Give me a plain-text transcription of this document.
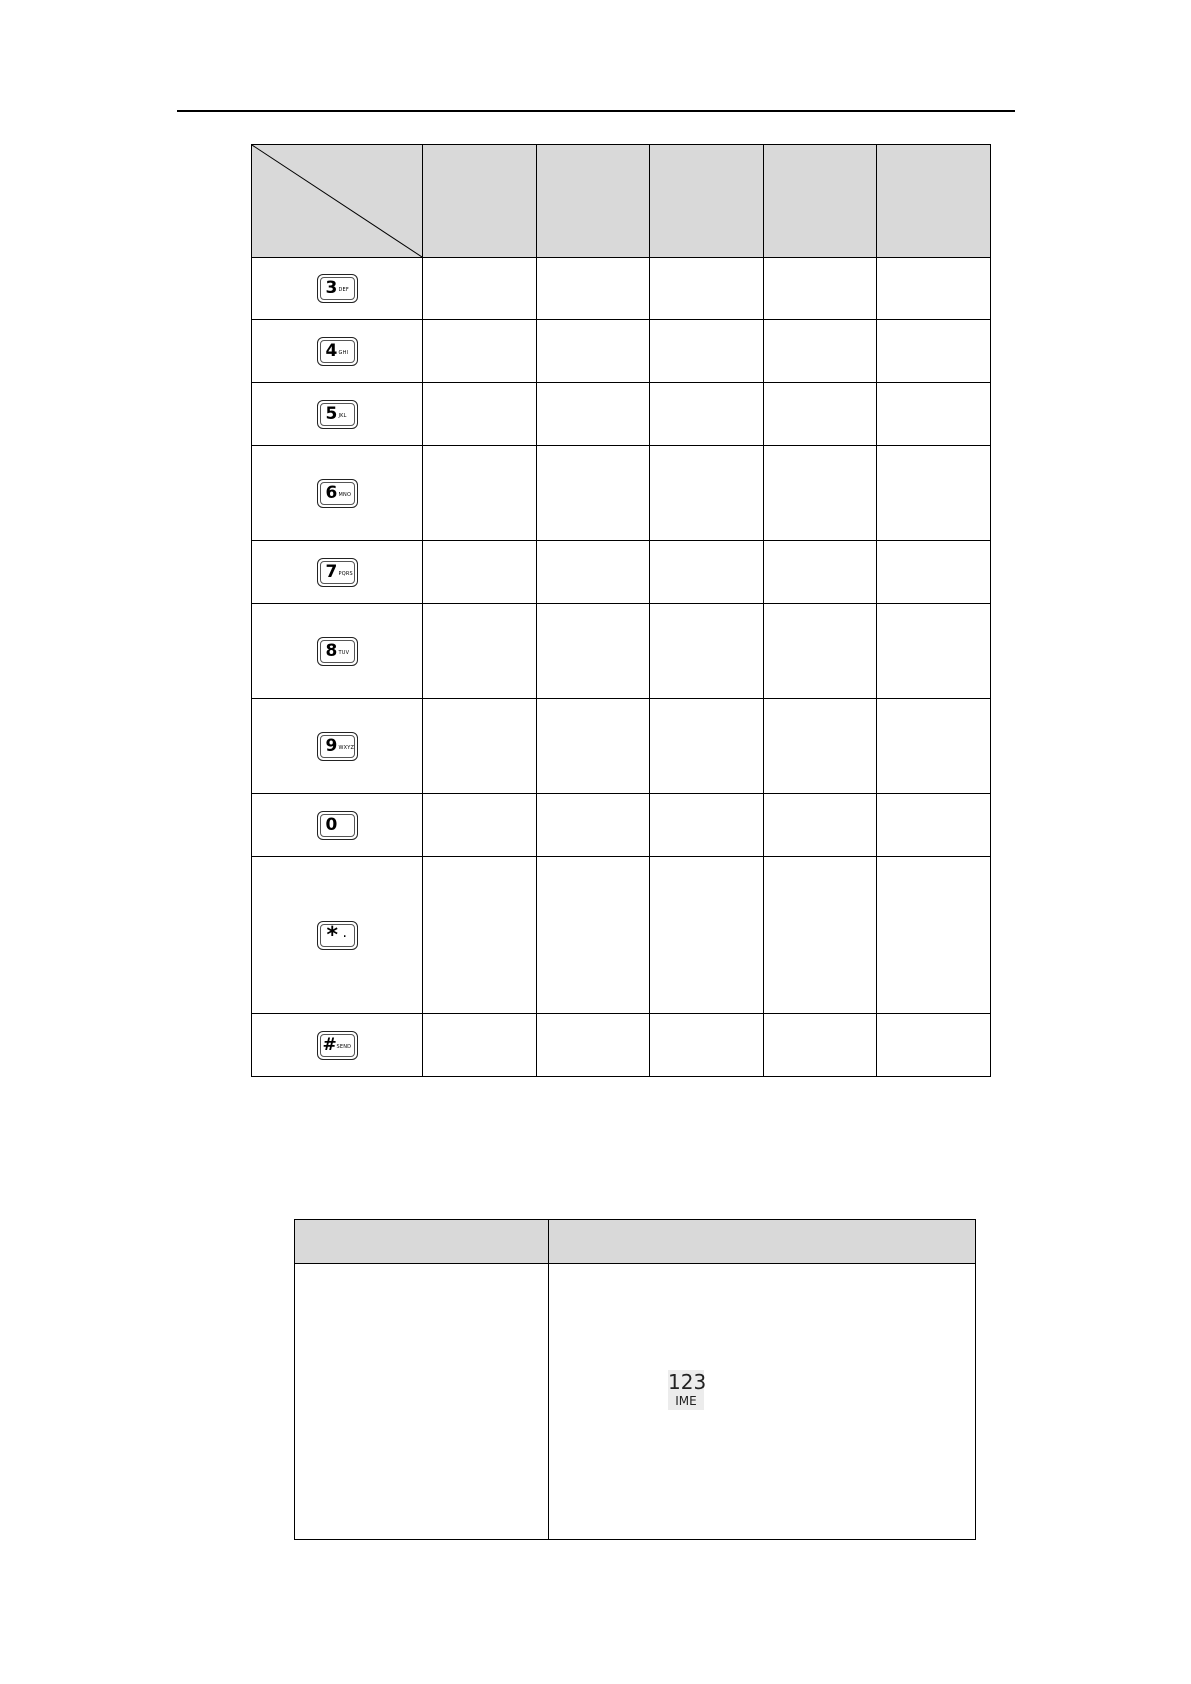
3 DEF					

4 GHI					

5 JKL					

6 MNO					

7 PQRS					

8 TUV					

9 WXYZ					

0					

* .					

# SEND					

	123
IME
